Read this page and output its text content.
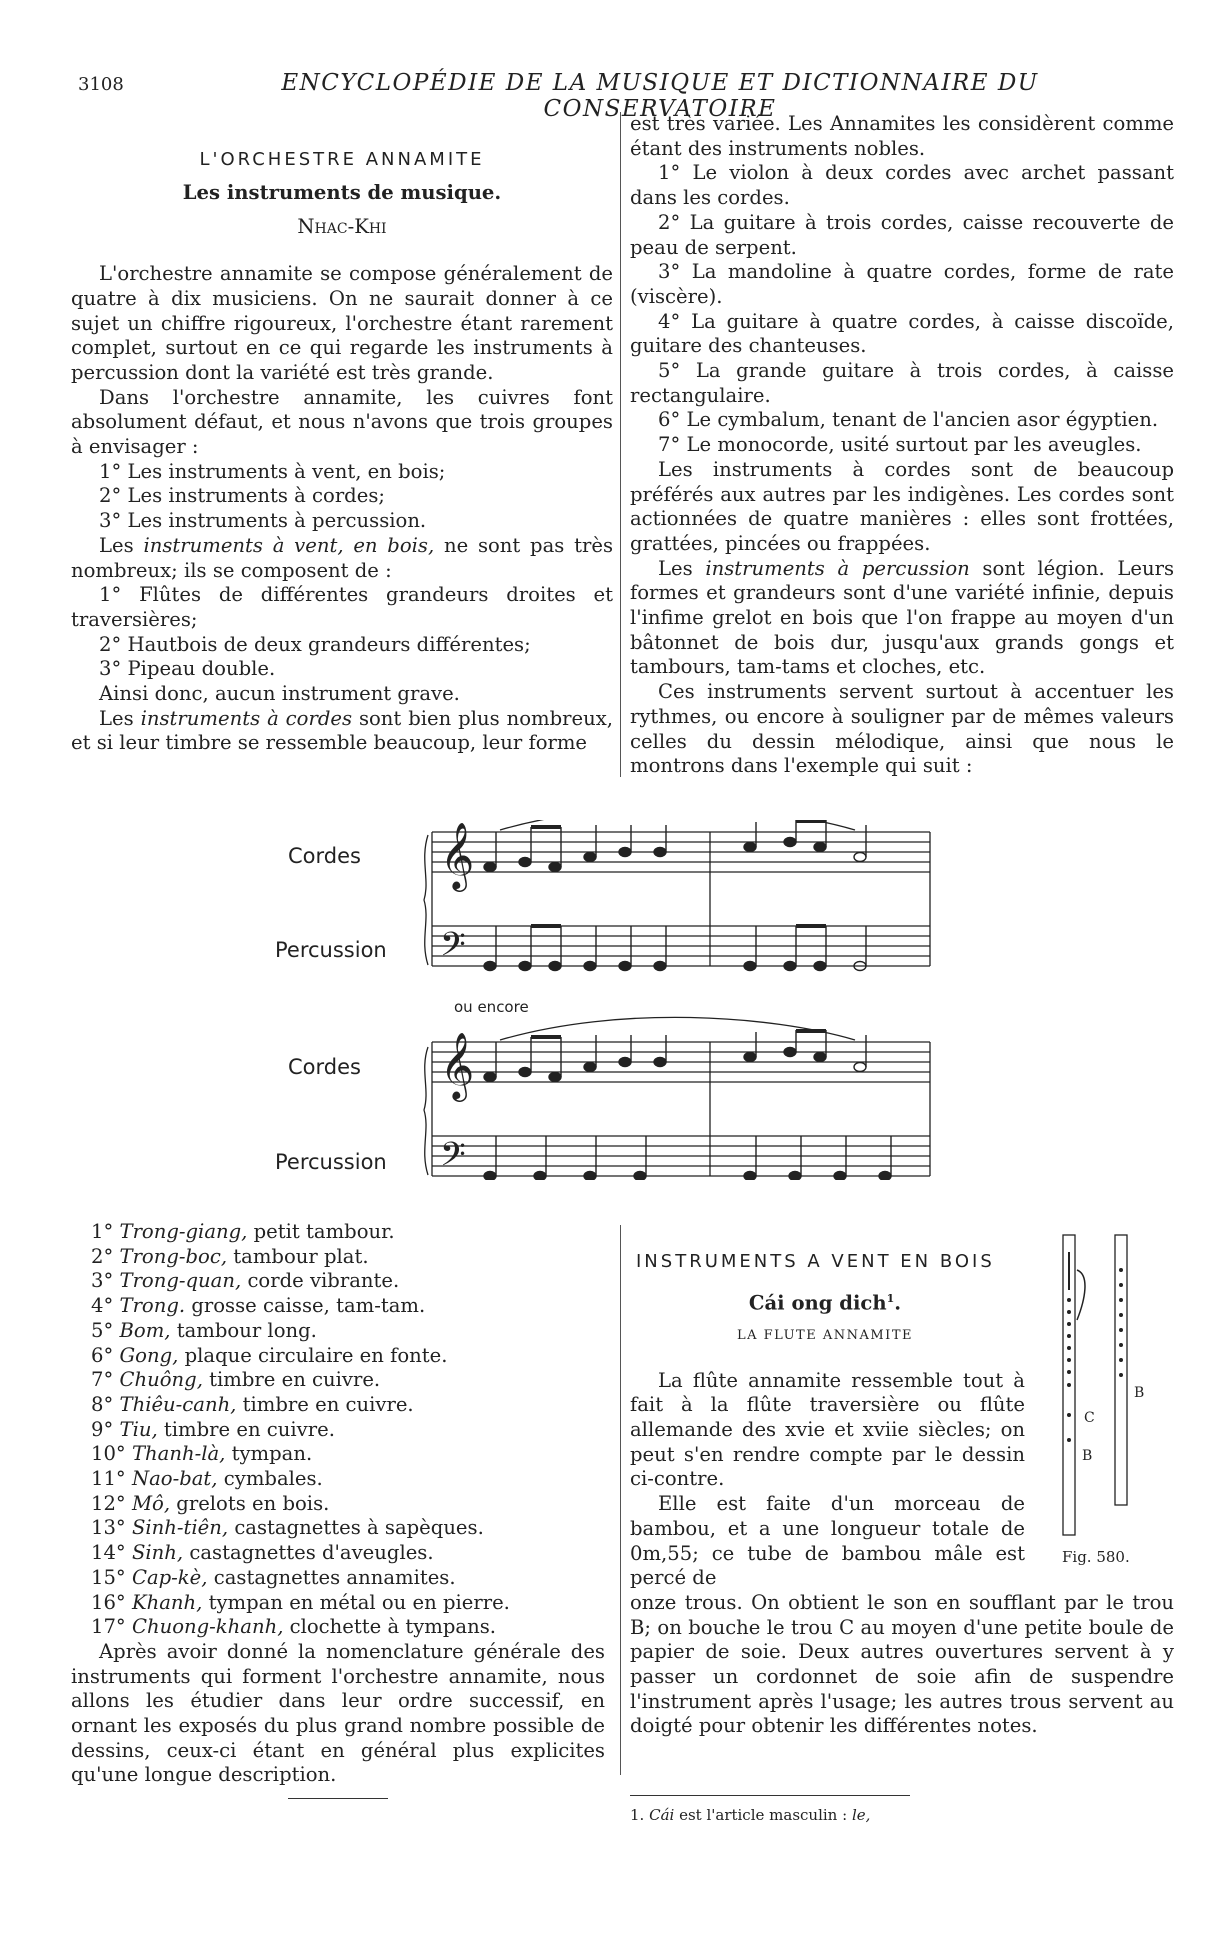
3108	ENCYCLOPÉDIE DE LA MUSIQUE ET DICTIONNAIRE DU CONSERVATOIRE

L'ORCHESTRE ANNAMITE

Les instruments de musique.

Nhac-Khi

L'orchestre annamite se compose généralement de quatre à dix musiciens. On ne saurait donner à ce sujet un chiffre rigoureux, l'orchestre étant rarement complet, surtout en ce qui regarde les instruments à percussion dont la variété est très grande.

Dans l'orchestre annamite, les cuivres font absolument défaut, et nous n'avons que trois groupes à envisager :

1° Les instruments à vent, en bois;

2° Les instruments à cordes;

3° Les instruments à percussion.

Les instruments à vent, en bois, ne sont pas très nombreux; ils se composent de :

1° Flûtes de différentes grandeurs droites et traversières;

2° Hautbois de deux grandeurs différentes;

3° Pipeau double.

Ainsi donc, aucun instrument grave.

Les instruments à cordes sont bien plus nombreux, et si leur timbre se ressemble beaucoup, leur forme

est très variée. Les Annamites les considèrent comme étant des instruments nobles.

1° Le violon à deux cordes avec archet passant dans les cordes.

2° La guitare à trois cordes, caisse recouverte de peau de serpent.

3° La mandoline à quatre cordes, forme de rate (viscère).

4° La guitare à quatre cordes, à caisse discoïde, guitare des chanteuses.

5° La grande guitare à trois cordes, à caisse rectangulaire.

6° Le cymbalum, tenant de l'ancien asor égyptien.

7° Le monocorde, usité surtout par les aveugles.

Les instruments à cordes sont de beaucoup préférés aux autres par les indigènes. Les cordes sont actionnées de quatre manières : elles sont frottées, grattées, pincées ou frappées.

Les instruments à percussion sont légion. Leurs formes et grandeurs sont d'une variété infinie, depuis l'infime grelot en bois que l'on frappe au moyen d'un bâtonnet de bois dur, jusqu'aux grands gongs et tambours, tam-tams et cloches, etc.

Ces instruments servent surtout à accentuer les rythmes, ou encore à souligner par de mêmes valeurs celles du dessin mélodique, ainsi que nous le montrons dans l'exemple qui suit :

Cordes
Percussion
ou encore
Cordes
Percussion
𝄞
𝄢
𝄞
𝄢

1° Trong-giang, petit tambour.

2° Trong-boc, tambour plat.

3° Trong-quan, corde vibrante.

4° Trong. grosse caisse, tam-tam.

5° Bom, tambour long.

6° Gong, plaque circulaire en fonte.

7° Chuông, timbre en cuivre.

8° Thiêu-canh, timbre en cuivre.

9° Tiu, timbre en cuivre.

10° Thanh-là, tympan.

11° Nao-bat, cymbales.

12° Mô, grelots en bois.

13° Sinh-tiên, castagnettes à sapèques.

14° Sinh, castagnettes d'aveugles.

15° Cap-kè, castagnettes annamites.

16° Khanh, tympan en métal ou en pierre.

17° Chuong-khanh, clochette à tympans.

Après avoir donné la nomenclature générale des instruments qui forment l'orchestre annamite, nous allons les étudier dans leur ordre successif, en ornant les exposés du plus grand nombre possible de dessins, ceux-ci étant en général plus explicites qu'une longue description.

INSTRUMENTS A VENT EN BOIS

Cái ong dich$^1$.

LA FLUTE ANNAMITE

La flûte annamite ressemble tout à fait à la flûte traversière ou flûte allemande des xvie et xviie siècles; on peut s'en rendre compte par le dessin ci-contre.

Elle est faite d'un morceau de bambou, et a une longueur totale de 0m,55; ce tube de bambou mâle est percé de

onze trous. On obtient le son en soufflant par le trou B; on bouche le trou C au moyen d'une petite boule de papier de soie. Deux autres ouvertures servent à y passer un cordonnet de soie afin de suspendre l'instrument après l'usage; les autres trous servent au doigté pour obtenir les différentes notes.

C
B
B
Fig. 580.
1. Cái est l'article masculin : le,
